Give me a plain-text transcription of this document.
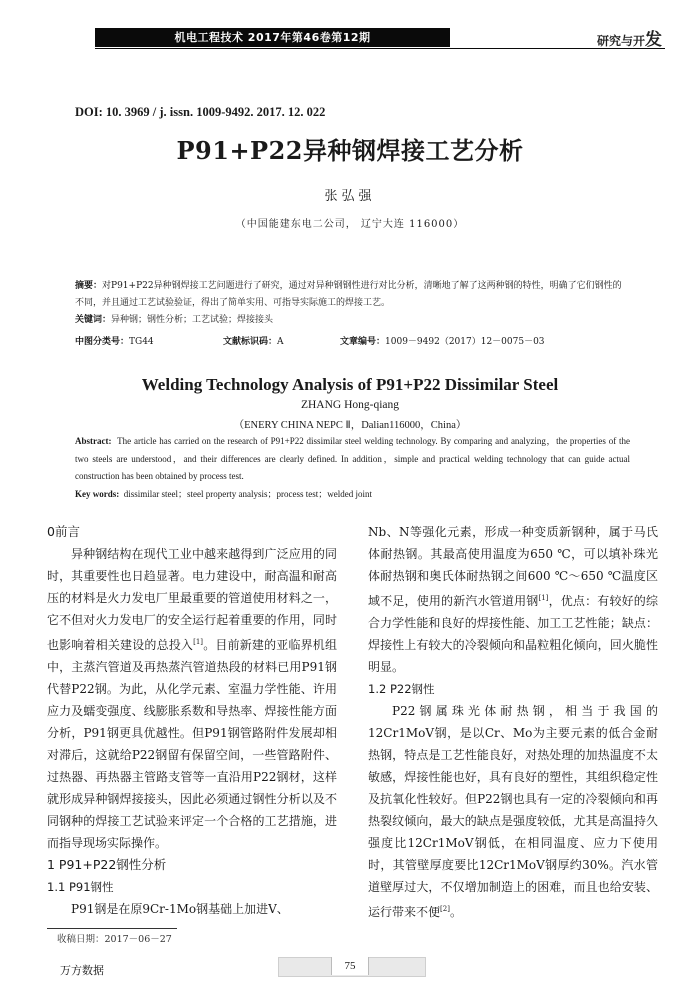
机电工程技术 2017年第46卷第12期	研究与开发
DOI: 10. 3969 / j. issn. 1009-9492. 2017. 12. 022
P91+P22异种钢焊接工艺分析
张弘强
（中国能建东电二公司， 辽宁大连 116000）
摘要：对P91+P22异种钢焊接工艺问题进行了研究，通过对异种钢钢性进行对比分析，清晰地了解了这两种钢的特性，明确了它们钢性的不同，并且通过工艺试验验证，得出了简单实用、可指导实际施工的焊接工艺。
关键词：异种钢；钢性分析；工艺试验；焊接接头
中图分类号：TG44	文献标识码：A	文章编号：1009－9492（2017）12－0075－03
Welding Technology Analysis of P91+P22 Dissimilar Steel
ZHANG Hong-qiang
（ENERY CHINA NEPC Ⅱ，Dalian116000，China）
Abstract: The article has carried on the research of P91+P22 dissimilar steel welding technology. By comparing and analyzing，the properties of the two steels are understood，and their differences are clearly defined. In addition，simple and practical welding technology that can guide actual construction has been obtained by process test.
Key words: dissimilar steel；steel property analysis；process test；welded joint
0前言

异种钢结构在现代工业中越来越得到广泛应用的同时，其重要性也日趋显著。电力建设中，耐高温和耐高压的材料是火力发电厂里最重要的管道使用材料之一，它不但对火力发电厂的安全运行起着重要的作用，同时也影响着相关建设的总投入[1]。目前新建的亚临界机组中，主蒸汽管道及再热蒸汽管道热段的材料已用P91钢代替P22钢。为此，从化学元素、室温力学性能、许用应力及蠕变强度、线膨胀系数和导热率、焊接性能方面分析，P91钢更具优越性。但P91钢管路附件发展却相对滞后，这就给P22钢留有保留空间，一些管路附件、过热器、再热器主管路支管等一直沿用P22钢材，这样就形成异种钢焊接接头，因此必须通过钢性分析以及不同钢种的焊接工艺试验来评定一个合格的工艺措施，进而指导现场实际操作。

1 P91+P22钢性分析
1.1 P91钢性

P91钢是在原9Cr-1Mo钢基础上加进V、

Nb、N等强化元素，形成一种变质新钢种，属于马氏体耐热钢。其最高使用温度为650 ℃，可以填补珠光体耐热钢和奥氏体耐热钢之间600 ℃～650 ℃温度区域不足，使用的新汽水管道用钢[1]，优点：有较好的综合力学性能和良好的焊接性能、加工工艺性能；缺点：焊接性上有较大的冷裂倾向和晶粒粗化倾向，回火脆性明显。

1.2 P22钢性

P22钢属珠光体耐热钢，相当于我国的12Cr1MoV钢，是以Cr、Mo为主要元素的低合金耐热钢，特点是工艺性能良好，对热处理的加热温度不太敏感，焊接性能也好，具有良好的塑性，其组织稳定性及抗氧化性较好。但P22钢也具有一定的冷裂倾向和再热裂纹倾向，最大的缺点是强度较低，尤其是高温持久强度比12Cr1MoV钢低，在相同温度、应力下使用时，其管壁厚度要比12Cr1MoV钢厚约30%。汽水管道壁厚过大，不仅增加制造上的困难，而且也给安装、运行带来不便[2]。

收稿日期：2017－06－27
万方数据	75
